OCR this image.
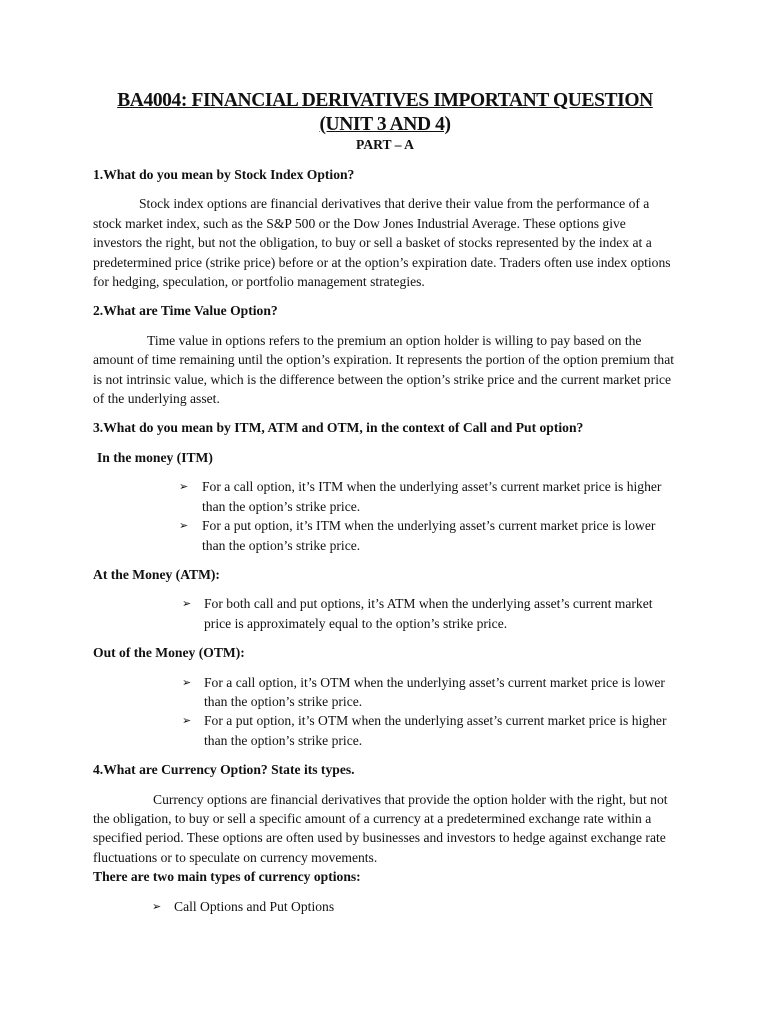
BA4004: FINANCIAL DERIVATIVES IMPORTANT QUESTION
(UNIT 3 AND 4)

PART – A

1.What do you mean by Stock Index Option?

Stock index options are financial derivatives that derive their value from the performance of a stock market index, such as the S&P 500 or the Dow Jones Industrial Average. These options give investors the right, but not the obligation, to buy or sell a basket of stocks represented by the index at a predetermined price (strike price) before or at the option’s expiration date. Traders often use index options for hedging, speculation, or portfolio management strategies.

2.What are Time Value Option?

Time value in options refers to the premium an option holder is willing to pay based on the amount of time remaining until the option’s expiration. It represents the portion of the option premium that is not intrinsic value, which is the difference between the option’s strike price and the current market price of the underlying asset.

3.What do you mean by ITM, ATM and OTM, in the context of Call and Put option?

In the money (ITM)

➢ For a call option, it’s ITM when the underlying asset’s current market price is higher than the option’s strike price.
➢ For a put option, it’s ITM when the underlying asset’s current market price is lower than the option’s strike price.

At the Money (ATM):

➢ For both call and put options, it’s ATM when the underlying asset’s current market price is approximately equal to the option’s strike price.

Out of the Money (OTM):

➢ For a call option, it’s OTM when the underlying asset’s current market price is lower than the option’s strike price.
➢ For a put option, it’s OTM when the underlying asset’s current market price is higher than the option’s strike price.

4.What are Currency Option? State its types.

Currency options are financial derivatives that provide the option holder with the right, but not the obligation, to buy or sell a specific amount of a currency at a predetermined exchange rate within a specified period. These options are often used by businesses and investors to hedge against exchange rate fluctuations or to speculate on currency movements.

There are two main types of currency options:

➢ Call Options and Put Options
